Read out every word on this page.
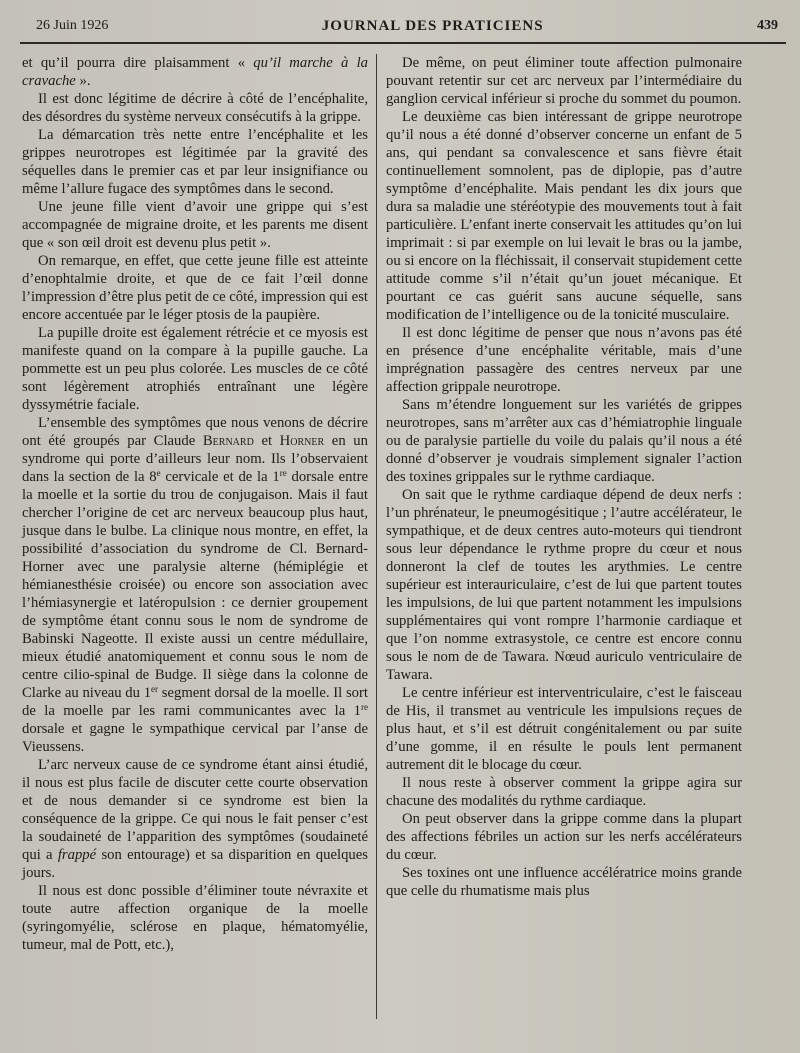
26 Juin 1926	JOURNAL DES PRATICIENS	439

et qu’il pourra dire plaisamment « qu’il marche à la cravache ».

Il est donc légitime de décrire à côté de l’encéphalite, des désordres du système nerveux consécutifs à la grippe.

La démarcation très nette entre l’encéphalite et les grippes neurotropes est légitimée par la gravité des séquelles dans le premier cas et par leur insignifiance ou même l’allure fugace des symptômes dans le second.

Une jeune fille vient d’avoir une grippe qui s’est accompagnée de migraine droite, et les parents me disent que « son œil droit est devenu plus petit ».

On remarque, en effet, que cette jeune fille est atteinte d’enophtalmie droite, et que de ce fait l’œil donne l’impression d’être plus petit de ce côté, impression qui est encore accentuée par le léger ptosis de la paupière.

La pupille droite est également rétrécie et ce myosis est manifeste quand on la compare à la pupille gauche. La pommette est un peu plus colorée. Les muscles de ce côté sont légèrement atrophiés entraînant une légère dyssymétrie faciale.

L’ensemble des symptômes que nous venons de décrire ont été groupés par Claude Bernard et Horner en un syndrome qui porte d’ailleurs leur nom. Ils l’observaient dans la section de la 8e cervicale et de la 1re dorsale entre la moelle et la sortie du trou de conjugaison. Mais il faut chercher l’origine de cet arc nerveux beaucoup plus haut, jusque dans le bulbe. La clinique nous montre, en effet, la possibilité d’association du syndrome de Cl. Bernard-Horner avec une paralysie alterne (hémiplégie et hémianesthésie croisée) ou encore son association avec l’hémiasynergie et latéropulsion : ce dernier groupement de symptôme étant connu sous le nom de syndrome de Babinski Nageotte. Il existe aussi un centre médullaire, mieux étudié anatomiquement et connu sous le nom de centre cilio-spinal de Budge. Il siège dans la colonne de Clarke au niveau du 1er segment dorsal de la moelle. Il sort de la moelle par les rami communicantes avec la 1re dorsale et gagne le sympathique cervical par l’anse de Vieussens.

L’arc nerveux cause de ce syndrome étant ainsi étudié, il nous est plus facile de discuter cette courte observation et de nous demander si ce syndrome est bien la conséquence de la grippe. Ce qui nous le fait penser c’est la soudaineté de l’apparition des symptômes (soudaineté qui a frappé son entourage) et sa disparition en quelques jours.

Il nous est donc possible d’éliminer toute névraxite et toute autre affection organique de la moelle (syringomyélie, sclérose en plaque, hématomyélie, tumeur, mal de Pott, etc.),

De même, on peut éliminer toute affection pulmonaire pouvant retentir sur cet arc nerveux par l’intermédiaire du ganglion cervical inférieur si proche du sommet du poumon.

Le deuxième cas bien intéressant de grippe neurotrope qu’il nous a été donné d’observer concerne un enfant de 5 ans, qui pendant sa convalescence et sans fièvre était continuellement somnolent, pas de diplopie, pas d’autre symptôme d’encéphalite. Mais pendant les dix jours que dura sa maladie une stéréotypie des mouvements tout à fait particulière. L’enfant inerte conservait les attitudes qu’on lui imprimait : si par exemple on lui levait le bras ou la jambe, ou si encore on la fléchissait, il conservait stupidement cette attitude comme s’il n’était qu’un jouet mécanique. Et pourtant ce cas guérit sans aucune séquelle, sans modification de l’intelligence ou de la tonicité musculaire.

Il est donc légitime de penser que nous n’avons pas été en présence d’une encéphalite véritable, mais d’une imprégnation passagère des centres nerveux par une affection grippale neurotrope.

Sans m’étendre longuement sur les variétés de grippes neurotropes, sans m’arrêter aux cas d’hémiatrophie linguale ou de paralysie partielle du voile du palais qu’il nous a été donné d’observer je voudrais simplement signaler l’action des toxines grippales sur le rythme cardiaque.

On sait que le rythme cardiaque dépend de deux nerfs : l’un phrénateur, le pneumogésitique ; l’autre accélérateur, le sympathique, et de deux centres auto-moteurs qui tiendront sous leur dépendance le rythme propre du cœur et nous donneront la clef de toutes les arythmies. Le centre supérieur est interauriculaire, c’est de lui que partent toutes les impulsions, de lui que partent notamment les impulsions supplémentaires qui vont rompre l’harmonie cardiaque et que l’on nomme extrasystole, ce centre est encore connu sous le nom de de Tawara. Nœud auriculo ventriculaire de Tawara.

Le centre inférieur est interventriculaire, c’est le faisceau de His, il transmet au ventricule les impulsions reçues de plus haut, et s’il est détruit congénitalement ou par suite d’une gomme, il en résulte le pouls lent permanent autrement dit le blocage du cœur.

Il nous reste à observer comment la grippe agira sur chacune des modalités du rythme cardiaque.

On peut observer dans la grippe comme dans la plupart des affections fébriles un action sur les nerfs accélérateurs du cœur.

Ses toxines ont une influence accélératrice moins grande que celle du rhumatisme mais plus
